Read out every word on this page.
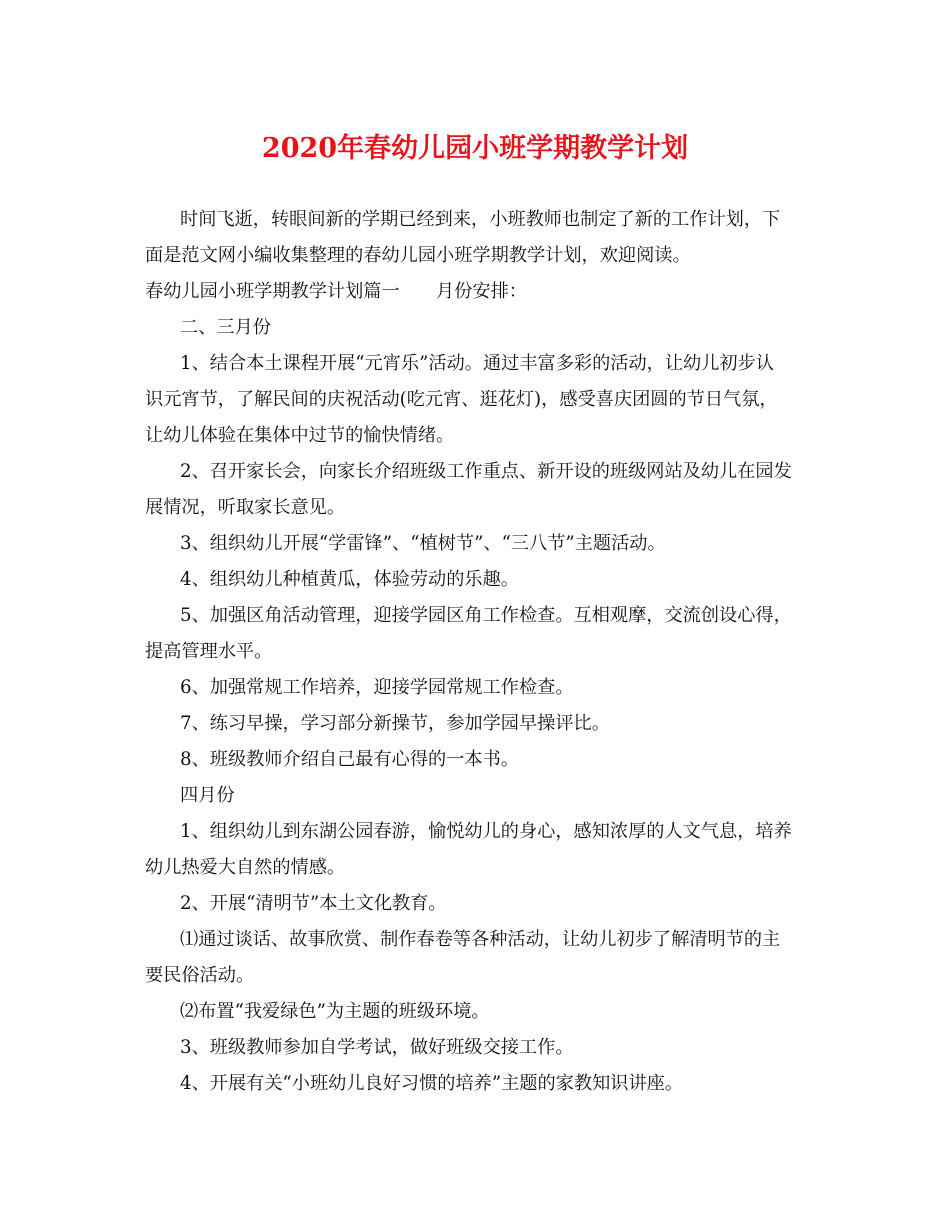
2020年春幼儿园小班学期教学计划
时间飞逝，转眼间新的学期已经到来，小班教师也制定了新的工作计划，下
面是范文网小编收集整理的春幼儿园小班学期教学计划，欢迎阅读。
春幼儿园小班学期教学计划篇一　　月份安排：
二、三月份
1、结合本土课程开展“元宵乐”活动。通过丰富多彩的活动，让幼儿初步认
识元宵节，了解民间的庆祝活动(吃元宵、逛花灯)，感受喜庆团圆的节日气氛，
让幼儿体验在集体中过节的愉快情绪。
2、召开家长会，向家长介绍班级工作重点、新开设的班级网站及幼儿在园发
展情况，听取家长意见。
3、组织幼儿开展“学雷锋”、“植树节”、“三八节”主题活动。
4、组织幼儿种植黄瓜，体验劳动的乐趣。
5、加强区角活动管理，迎接学园区角工作检查。互相观摩，交流创设心得，
提高管理水平。
6、加强常规工作培养，迎接学园常规工作检查。
7、练习早操，学习部分新操节，参加学园早操评比。
8、班级教师介绍自己最有心得的一本书。
四月份
1、组织幼儿到东湖公园春游，愉悦幼儿的身心，感知浓厚的人文气息，培养
幼儿热爱大自然的情感。
2、开展“清明节”本土文化教育。
⑴通过谈话、故事欣赏、制作春卷等各种活动，让幼儿初步了解清明节的主
要民俗活动。
⑵布置“我爱绿色”为主题的班级环境。
3、班级教师参加自学考试，做好班级交接工作。
4、开展有关“小班幼儿良好习惯的培养”主题的家教知识讲座。
